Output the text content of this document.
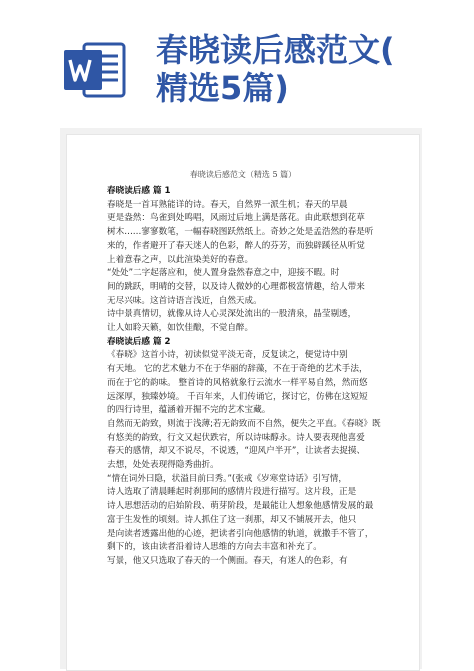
春晓读后感范文(
精选5篇)
春晓读后感范文（精选 5 篇）

春晓读后感 篇 1

春晓是一首耳熟能详的诗。春天，自然界一派生机；春天的早晨

更是盎然：鸟雀到处鸣唱，风雨过后地上满是落花。由此联想到花草

树木……寥寥数笔，一幅春晓图跃然纸上。奇妙之处是孟浩然的春是听

来的，作者避开了春天迷人的色彩，醉人的芬芳，而独辟蹊径从听觉

上着意春之声，以此渲染美好的春意。

“处处”二字起落应和，使人置身盎然春意之中，迎接不暇。时

间的跳跃，明晴的交替，以及诗人微妙的心理都极富情趣，给人带来

无尽兴味。这首诗语言浅近，自然天成。

诗中景真情切，就像从诗人心灵深处流出的一股清泉，晶莹剔透，

让人如聆天籁，如饮佳酿，不觉自醉。

春晓读后感 篇 2

《春晓》这首小诗，初读似觉平淡无奇，反复读之，便觉诗中别

有天地。 它的艺术魅力不在于华丽的辞藻，不在于奇绝的艺术手法，

而在于它的韵味。 整首诗的风格就象行云流水一样平易自然，然而悠

远深厚，独臻妙境。 千百年来，人们传诵它，探讨它，仿佛在这短短

的四行诗里，蕴涵着开掘不完的艺术宝藏。

自然而无韵致，则流于浅薄;若无韵致而不自然，便失之平直。《春晓》既

有悠美的韵致，行文又起伏跌宕，所以诗味醇永。诗人要表现他喜爱

春天的感情，却又不说尽，不说透，“迎风户半开”，让读者去捉摸、

去想，处处表现得隐秀曲折。

“情在词外曰隐，状溢目前曰秀。”(张戒《岁寒堂诗话》引写情，

诗人选取了清晨睡起时刹那间的感情片段进行描写。这片段，正是

诗人思想活动的启始阶段、萌芽阶段，是最能让人想象他感情发展的最

富于生发性的顷刻。诗人抓住了这一刹那，却又不铺展开去，他只

是向读者透露出他的心迹，把读者引向他感情的轨道，就撒手不管了，

剩下的，该由读者沿着诗人思维的方向去丰富和补充了。

写景，他又只选取了春天的一个侧面。春天，有迷人的色彩，有
